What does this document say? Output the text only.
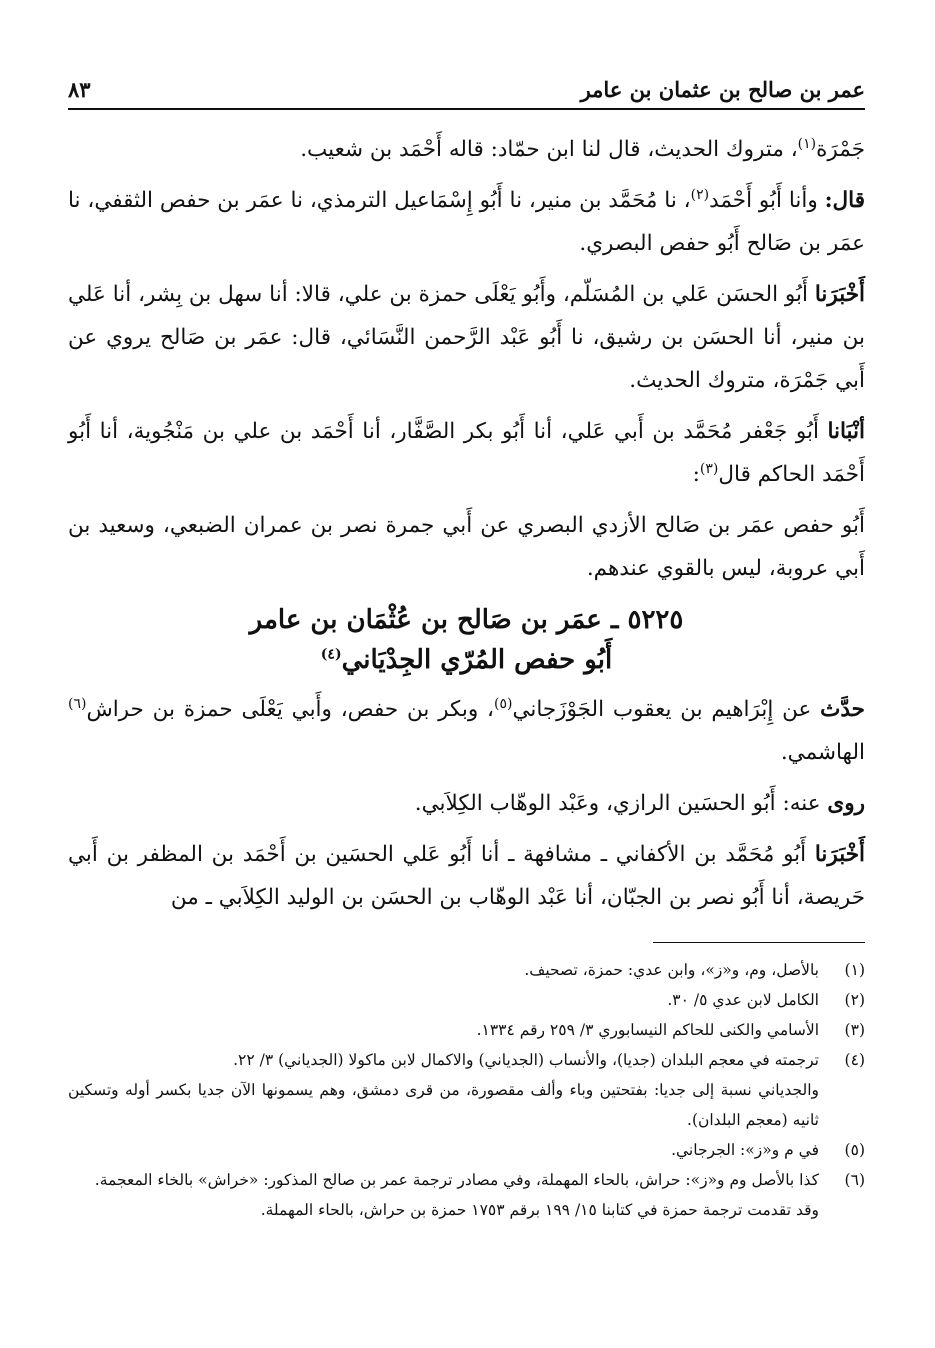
عمر بن صالح بن عثمان بن عامر
٨٣

جَمْرَة$^{(١)}$، متروك الحديث، قال لنا ابن حمّاد: قاله أَحْمَد بن شعيب.

قال: وأنا أَبُو أَحْمَد$^{(٢)}$، نا مُحَمَّد بن منير، نا أَبُو إِسْمَاعيل الترمذي، نا عمَر بن حفص الثقفي، نا عمَر بن صَالح أَبُو حفص البصري.

أَخْبَرَنا أَبُو الحسَن عَلي بن المُسَلّم، وأَبُو يَعْلَى حمزة بن علي، قالا: أنا سهل بن بِشر، أنا عَلي بن منير، أنا الحسَن بن رشيق، نا أَبُو عَبْد الرَّحمن النَّسَائي، قال: عمَر بن صَالح يروي عن أَبي جَمْرَة، متروك الحديث.

أنْبَانا أَبُو جَعْفر مُحَمَّد بن أَبي عَلي، أنا أَبُو بكر الصَّفَّار، أنا أَحْمَد بن علي بن مَنْجُوية، أنا أَبُو أَحْمَد الحاكم قال$^{(٣)}$:

أَبُو حفص عمَر بن صَالح الأزدي البصري عن أَبي جمرة نصر بن عمران الضبعي، وسعيد بن أَبي عروبة، ليس بالقوي عندهم.

٥٢٢٥ ـ عمَر بن صَالح بن عُثْمَان بن عامر
أَبُو حفص المُرّي الجِدْيَاني$^{(٤)}$

حدَّث عن إِبْرَاهيم بن يعقوب الجَوْزَجاني$^{(٥)}$، وبكر بن حفص، وأَبي يَعْلَى حمزة بن حراش$^{(٦)}$ الهاشمي.

روى عنه: أَبُو الحسَين الرازي، وعَبْد الوهّاب الكِلاَبي.

أَخْبَرَنا أَبُو مُحَمَّد بن الأكفاني ـ مشافهة ـ أنا أَبُو عَلي الحسَين بن أَحْمَد بن المظفر بن أَبي حَريصة، أنا أَبُو نصر بن الجبّان، أنا عَبْد الوهّاب بن الحسَن بن الوليد الكِلاَبي ـ من

(١)
بالأصل، وم، و«ز»، وابن عدي: حمزة، تصحيف.
(٢)
الكامل لابن عدي ٥/ ٣٠.
(٣)
الأسامي والكنى للحاكم النيسابوري ٣/ ٢٥٩ رقم ١٣٣٤.
(٤)
ترجمته في معجم البلدان (جديا)، والأنساب (الجدياني) والاكمال لابن ماكولا (الجدياني) ٣/ ٢٢.
والجدياني نسبة إلى جديا: بفتحتين وباء وألف مقصورة، من قرى دمشق، وهم يسمونها الآن جديا بكسر أوله وتسكين ثانيه (معجم البلدان).
(٥)
في م و«ز»: الجرجاني.
(٦)
كذا بالأصل وم و«ز»: حراش، بالحاء المهملة، وفي مصادر ترجمة عمر بن صالح المذكور: «خراش» بالخاء المعجمة.
وقد تقدمت ترجمة حمزة في كتابنا ١٥/ ١٩٩ برقم ١٧٥٣ حمزة بن حراش، بالحاء المهملة.
